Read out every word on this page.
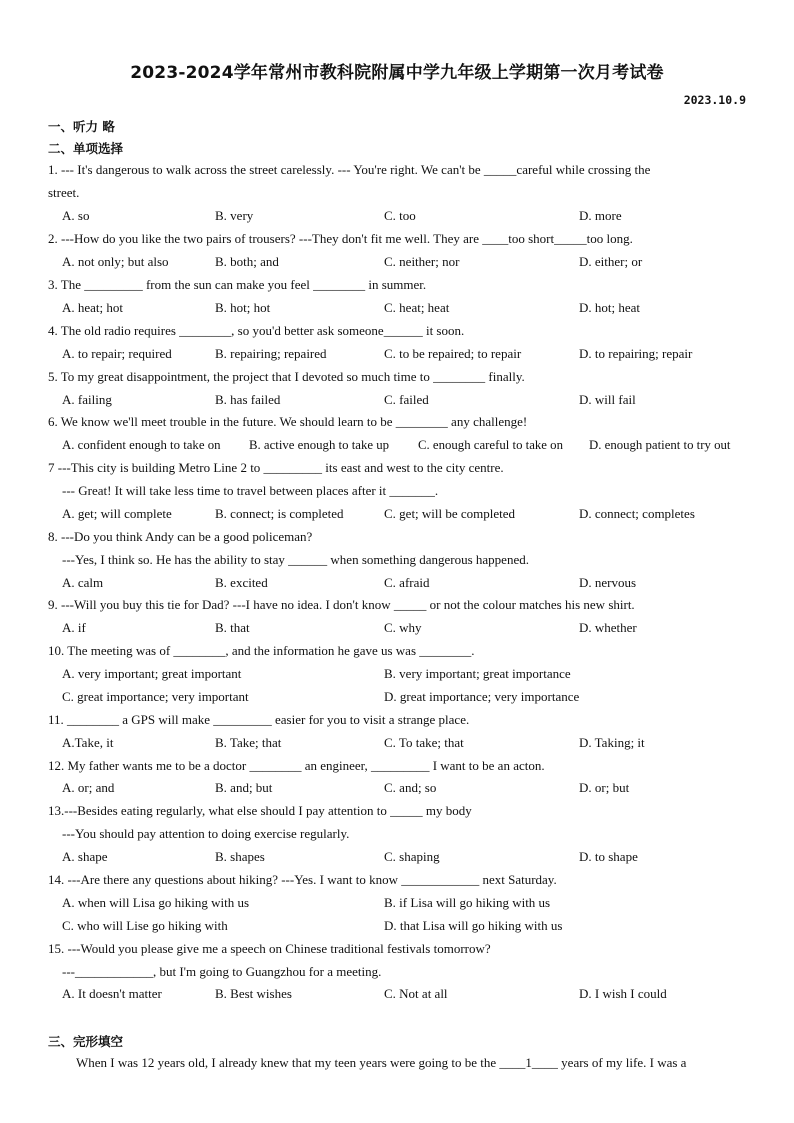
2023-2024学年常州市教科院附属中学九年级上学期第一次月考试卷
2023.10.9
一、听力 略
二、单项选择
1. --- It's dangerous to walk across the street carelessly. --- You're right. We can't be _____careful while crossing the
street.
A. so	B. very	C. too	D. more
2. ---How do you like the two pairs of trousers? ---They don't fit me well. They are ____too short_____too long.
A. not only; but also	B. both; and	C. neither; nor	D. either; or
3. The _________ from the sun can make you feel ________ in summer.
A. heat; hot	B. hot; hot	C. heat; heat	D. hot; heat
4. The old radio requires ________, so you'd better ask someone______ it soon.
A. to repair; required	B. repairing; repaired	C. to be repaired; to repair	D. to repairing; repair
5. To my great disappointment, the project that I devoted so much time to ________ finally.
A. failing	B. has failed	C. failed	D. will fail
6. We know we'll meet trouble in the future. We should learn to be ________ any challenge!
A. confident enough to take on B. active enough to take up C. enough careful to take on D. enough patient to try out
7 ---This city is building Metro Line 2 to _________ its east and west to the city centre.
--- Great! It will take less time to travel between places after it _______.
A. get; will complete	B. connect; is completed	C. get; will be completed	D. connect; completes
8. ---Do you think Andy can be a good policeman?
---Yes, I think so. He has the ability to stay ______ when something dangerous happened.
A. calm	B. excited	C. afraid	D. nervous
9. ---Will you buy this tie for Dad? ---I have no idea. I don't know _____ or not the colour matches his new shirt.
A. if	B. that	C. why	D. whether
10. The meeting was of ________, and the information he gave us was ________.
A. very important; great important	B. very important; great importance
C. great importance; very important	D. great importance; very importance
11. ________ a GPS will make _________ easier for you to visit a strange place.
A.Take, it	B. Take; that	C. To take; that	D. Taking; it
12. My father wants me to be a doctor ________ an engineer, _________ I want to be an acton.
A. or; and	B. and; but	C. and; so	D. or; but
13.---Besides eating regularly, what else should I pay attention to _____ my body
---You should pay attention to doing exercise regularly.
A. shape	B. shapes	C. shaping	D. to shape
14. ---Are there any questions about hiking? ---Yes. I want to know ____________ next Saturday.
A. when will Lisa go hiking with us	B. if Lisa will go hiking with us
C. who will Lise go hiking with	D. that Lisa will go hiking with us
15. ---Would you please give me a speech on Chinese traditional festivals tomorrow?
---____________, but I'm going to Guangzhou for a meeting.
A. It doesn't matter	B. Best wishes	C. Not at all	D. I wish I could
三、完形填空
When I was 12 years old, I already knew that my teen years were going to be the ____1____ years of my life. I was a
